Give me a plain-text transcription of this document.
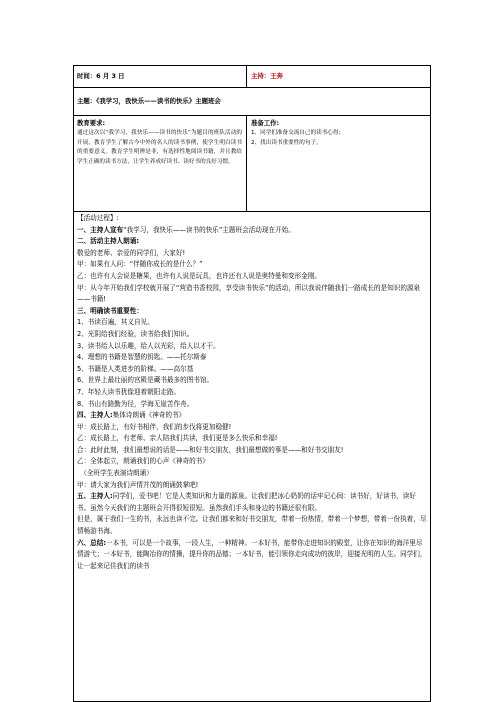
时间：6 月 3 日	主持：王奔
主题：《我学习，我快乐——读书的快乐》主题班会
教育要求:
通过这次以“我学习，我快乐——读书的快乐”为题目的班队活动的开展，教育学生了解古今中外的名人的读书事例，使学生明白读书的重要意义。教育学生明辨是非，有选择性地阅读书籍，并且教给学生正确的读书方法，让学生养成好读书、读好书的良好习惯。
准备工作:
1、同学们准备交流自己的读书心得;
2、找出读书重要性的句子。

【活动过程】:

一、主持人宣布“我学习，我快乐——读书的快乐”主题班会活动现在开始。

二、活动主持人朗诵:

敬爱的老师、亲爱的同学们，大家好!

甲：如果有人问：“伴随你成长的是什么？”

乙：也许有人会说是糖果，也许有人说是玩具，也许还有人说是奥特曼和变形金刚。

甲：从今年开始我们学校就开展了“营造书香校园，享受读书快乐”的活动，所以我说伴随我们一路成长的是知识的源泉——书籍!

三、明确读书重要性：

1、书读百遍，其义自见。

2、光阴给我们经验，读书给我们知识。

3、读书给人以乐趣，给人以光彩，给人以才干。

4、理想的书籍是智慧的钥匙。——托尔斯泰

5、书籍是人类进步的阶梯。——高尔基

6、世界上最壮丽的宫殿是藏书最多的图书馆。

7、年轻人读书犹像迎着朝阳走路。

8、书山有路勤为径，学海无崖苦作舟。

四、主持人:集体诗朗诵《神奇的书》

甲：成长路上，有好书相伴，我们的步伐将更加稳健!

乙：成长路上，有老师、亲人陪我们共读，我们更是多么快乐和幸福!

合：此时此刻，我们最想说的话是——和好书交朋友，我们最想做的事是——和好书交朋友!

乙：全体起立，朗诵我们的心声《神奇的书》

　（全班学生表演诗朗诵）

甲：请大家为我们声情并茂的朗诵鼓掌吧!

五、主持人:同学们，爱书吧！它是人类知识和力量的源泉。让我们把冰心奶奶的话牢记心间：读书好，好读书，读好书。虽然今天我们的主题班会开得很短很短。虽然我们手头和身边的书籍还很有限。

但是，属于我们一生的书，永远也读不完。让我们都来和好书交朋友，带着一份热情，带着一个梦想，带着一份执着，尽情畅游书海。

六、总结:一本书，可以是一个故事，一段人生，一种精神。一本好书，能带你走进知识的殿堂，让你在知识的海洋里尽情游弋；一本好书，能陶冶你的情操，提升你的品德；一本好书，能引领你走向成功的彼岸，迎接光明的人生。同学们，让一起来记住我们的读书
